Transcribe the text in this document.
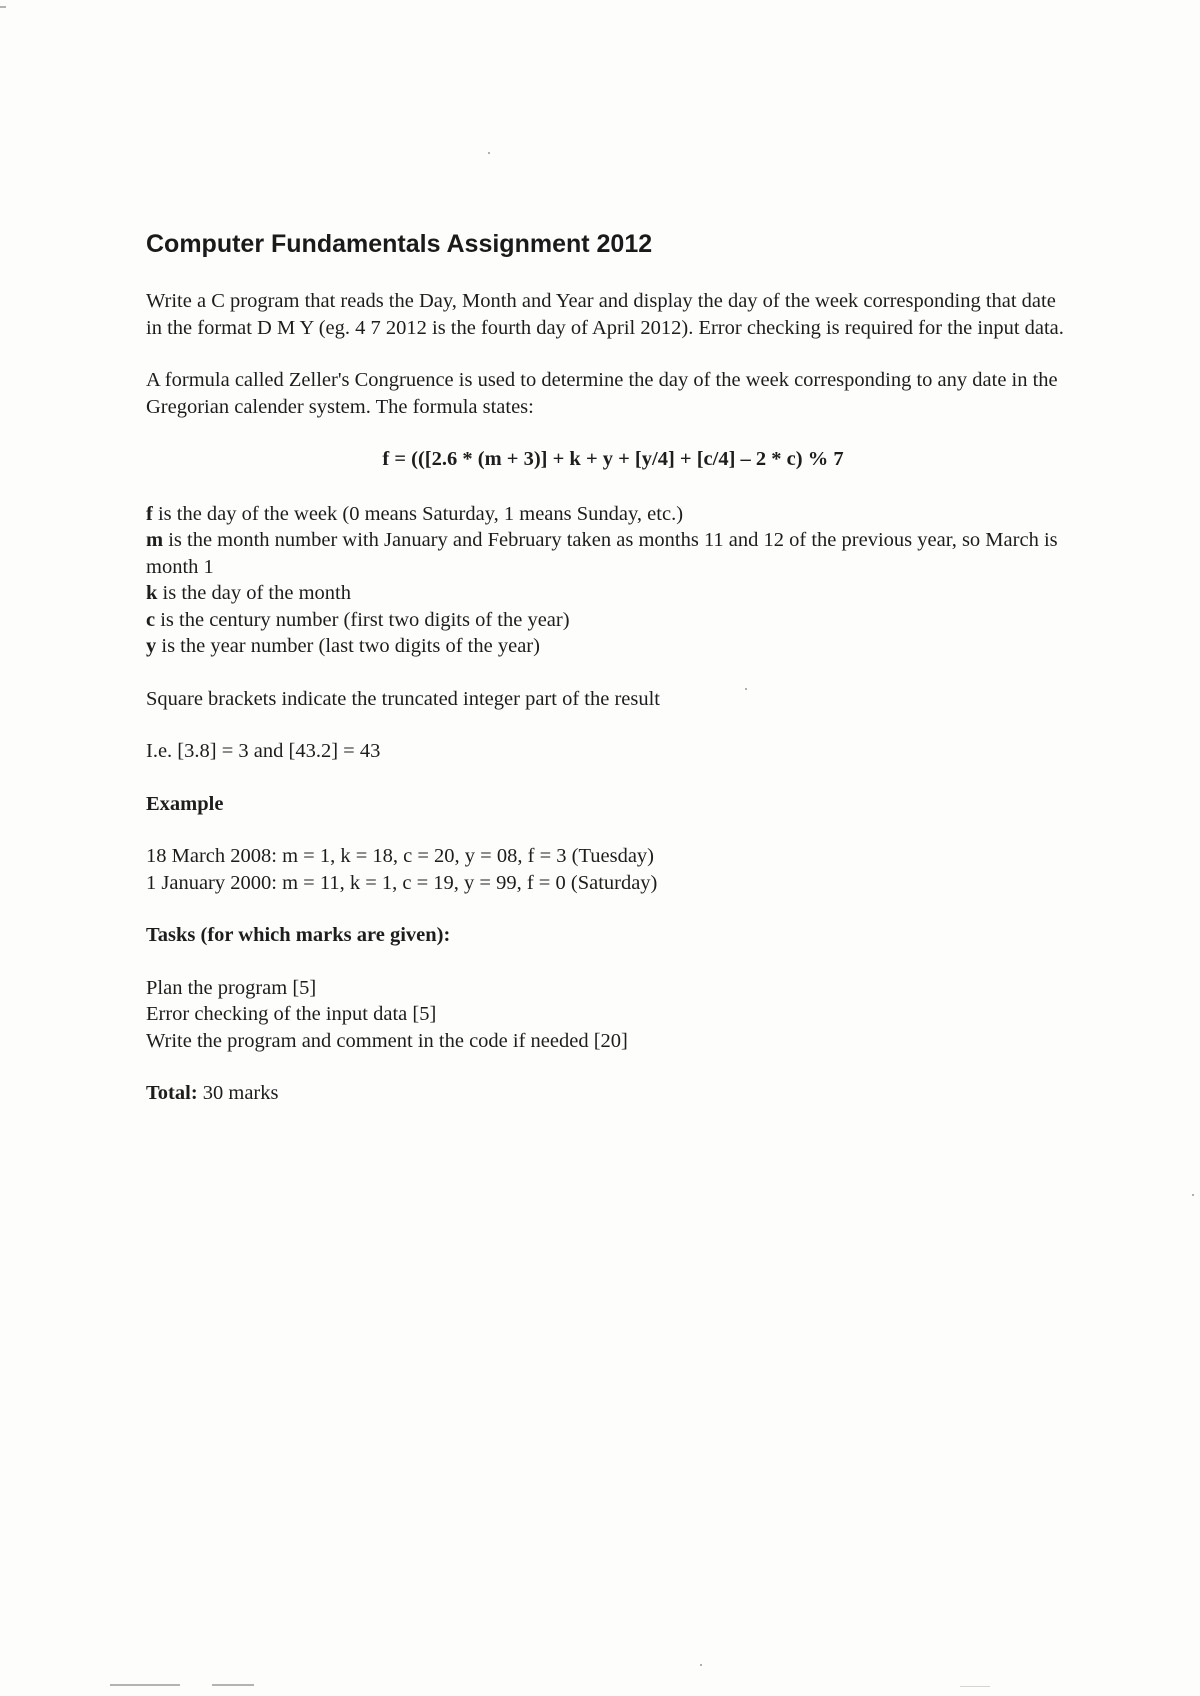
Computer Fundamentals Assignment 2012

Write a C program that reads the Day, Month and Year and display the day of the week corresponding that date in the format D M Y (eg. 4 7 2012 is the fourth day of April 2012). Error checking is required for the input data.

A formula called Zeller's Congruence is used to determine the day of the week corresponding to any date in the Gregorian calender system. The formula states:

f = (([2.6 * (m + 3)] + k + y + [y/4] + [c/4] – 2 * c) % 7
f is the day of the week (0 means Saturday, 1 means Sunday, etc.)
m is the month number with January and February taken as months 11 and 12 of the previous year, so March is month 1
k is the day of the month
c is the century number (first two digits of the year)
y is the year number (last two digits of the year)

Square brackets indicate the truncated integer part of the result

I.e. [3.8] = 3 and [43.2] = 43

Example
18 March 2008: m = 1, k = 18, c = 20, y = 08, f = 3 (Tuesday)
1 January 2000: m = 11, k = 1, c = 19, y = 99, f = 0 (Saturday)
Tasks (for which marks are given):
Plan the program [5]
Error checking of the input data [5]
Write the program and comment in the code if needed [20]
Total: 30 marks
